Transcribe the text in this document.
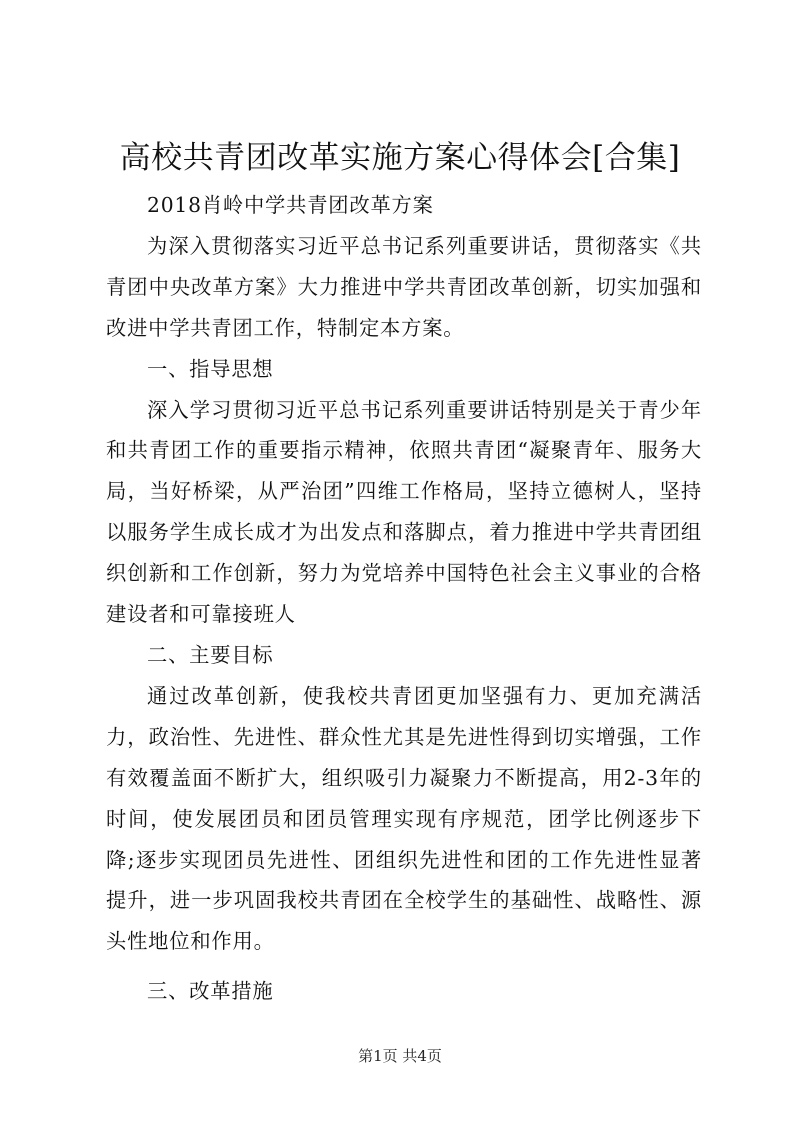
高校共青团改革实施方案心得体会[合集]

2018肖岭中学共青团改革方案

为深入贯彻落实习近平总书记系列重要讲话，贯彻落实《共青团中央改革方案》大力推进中学共青团改革创新，切实加强和改进中学共青团工作，特制定本方案。

一、指导思想

深入学习贯彻习近平总书记系列重要讲话特别是关于青少年和共青团工作的重要指示精神，依照共青团“凝聚青年、服务大局，当好桥梁，从严治团”四维工作格局，坚持立德树人，坚持以服务学生成长成才为出发点和落脚点，着力推进中学共青团组织创新和工作创新，努力为党培养中国特色社会主义事业的合格建设者和可靠接班人

二、主要目标

通过改革创新，使我校共青团更加坚强有力、更加充满活力，政治性、先进性、群众性尤其是先进性得到切实增强，工作有效覆盖面不断扩大，组织吸引力凝聚力不断提高，用2-3年的时间，使发展团员和团员管理实现有序规范，团学比例逐步下降;逐步实现团员先进性、团组织先进性和团的工作先进性显著提升，进一步巩固我校共青团在全校学生的基础性、战略性、源头性地位和作用。

三、改革措施

第1页 共4页
